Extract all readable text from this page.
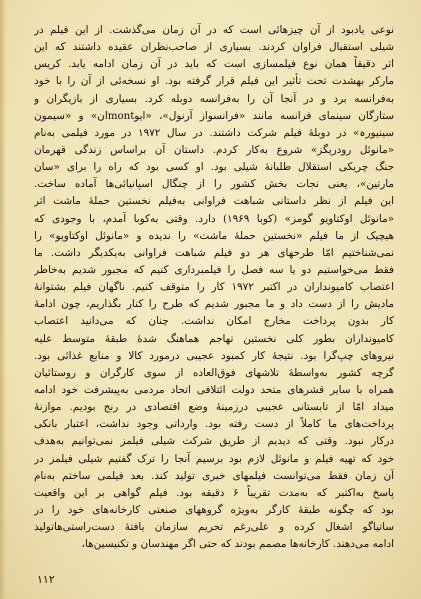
نوعی یادبود از آن چیزهائی است که در آن زمان می‌گذشت. از این فیلم در
شیلی استقبال فراوان کردند. بسیاری از صاحب‌نظران عقیده داشتند که این
اثر دقیقاً همان نوع فیلمسازی است که باید در آن زمان ادامه یابد. کریس
مارکر بهشدت تحت تأثیر این فیلم قرار گرفته بود. او نسخه‌ئی از آن را با خود
به‌فرانسه برد و در آنجا آن را به‌فرانسه دوبله کرد. بسیاری از بازیگران و
ستارگان سینمای فرانسه مانند «فرانسواز آرنول»، «ایوmontان» و «سیمون
سینیورہ» در دوبلهٔ فیلم شرکت داشتند. در سال ۱۹۷۲ در مورد فیلمی به‌نام
«مانوئل رودریگز» شروع به‌کار کردم. داستان آن براساس زندگی قهرمان
جنگ چریکی استقلال طلبانهٔ شیلی بود. او کسی بود که راه را برای «سان
مارتین»، یعنی نجات بخش کشور را از چنگال اسپانیائی‌ها آماده ساخت.
این فیلم از نظر داستانی شباهت فراوانی به‌فیلم نخستین حملهٔ ماشت اثر
«مانوئل اوکتاویو گومز» (کوبا ۱۹۶۹) دارد. وقتی به‌کوبا آمدم، با وجودی که
هیچیک از ما فیلم «نخستین حملهٔ ماشت» را ندیده و «مانوئل اوکتاویو» را
نمی‌شناختیم امّا طرحهای هر دو فیلم شباهت فراوانی به‌یکدیگر داشت. ما
فقط می‌خواستیم دو یا سه فصل را فیلمبرداری کنیم که مجبور شدیم به‌خاطر
اعتصاب کامیونداران در اکتبر ۱۹۷۲ کار را متوقف کنیم. ناگهان فیلم بشتوانهٔ
مادیش را از دست داد و ما مجبور شدیم که طرح را کنار بگذاریم، چون ادامهٔ
کار بدون پرداخت مخارج امکان نداشت. چنان که می‌دانید اعتصاب
کامیونداران بطور کلی نخستین تهاجم هماهنگ شدهٔ طبقهٔ متوسط علیه
نیروهای چپ‌گرا بود. نتیجهٔ کار کمبود عجیبی درمورد کالا و منابع غذائی بود.
گرچه کشور به‌واسطهٔ تلاشهای فوق‌العاده از سوی کارگران و روستائیان
همراه با سایر قشرهای متحد دولت ائتلافی اتحاد مردمی به‌پیشرفت خود ادامه
میداد امّا از تابستانی عجیبی درزمینهٔ وضع اقتصادی در رنج بودیم. موازنهٔ
پرداخت‌های ما کاملاً از دست رفته بود. وارداتی وجود نداشت، اعتبار بانکی
درکار نبود. وقتی که دیدیم از طریق شرکت شیلی فیلمز نمی‌توانیم به‌هدف
خود که تهیه فیلم و مانوئل لازم بود برسیم آنجا را ترک گفتیم شیلی فیلمز در
آن زمان فقط می‌توانست فیلمهای خبری تولید کند. بعد فیلمی ساختم به‌نام
پاسخ به‌اکتبر که به‌مدت تقریباً ۶ دقیقه بود. فیلم گواهی بر این واقعیت
بود که چگونه طبقهٔ کارگر به‌ویژه گروههای صنعتی کارخانه‌های خود را در
ساتیاگو اشغال کرده و علی‌رغم تحریم سازمان یافتهٔ دست‌راستی‌ها‌تولید
ادامه می‌دهند. کارخانه‌ها مصمم بودند که حتی اگر مهندسان و تکنیسین‌ها،
۱۱۲
